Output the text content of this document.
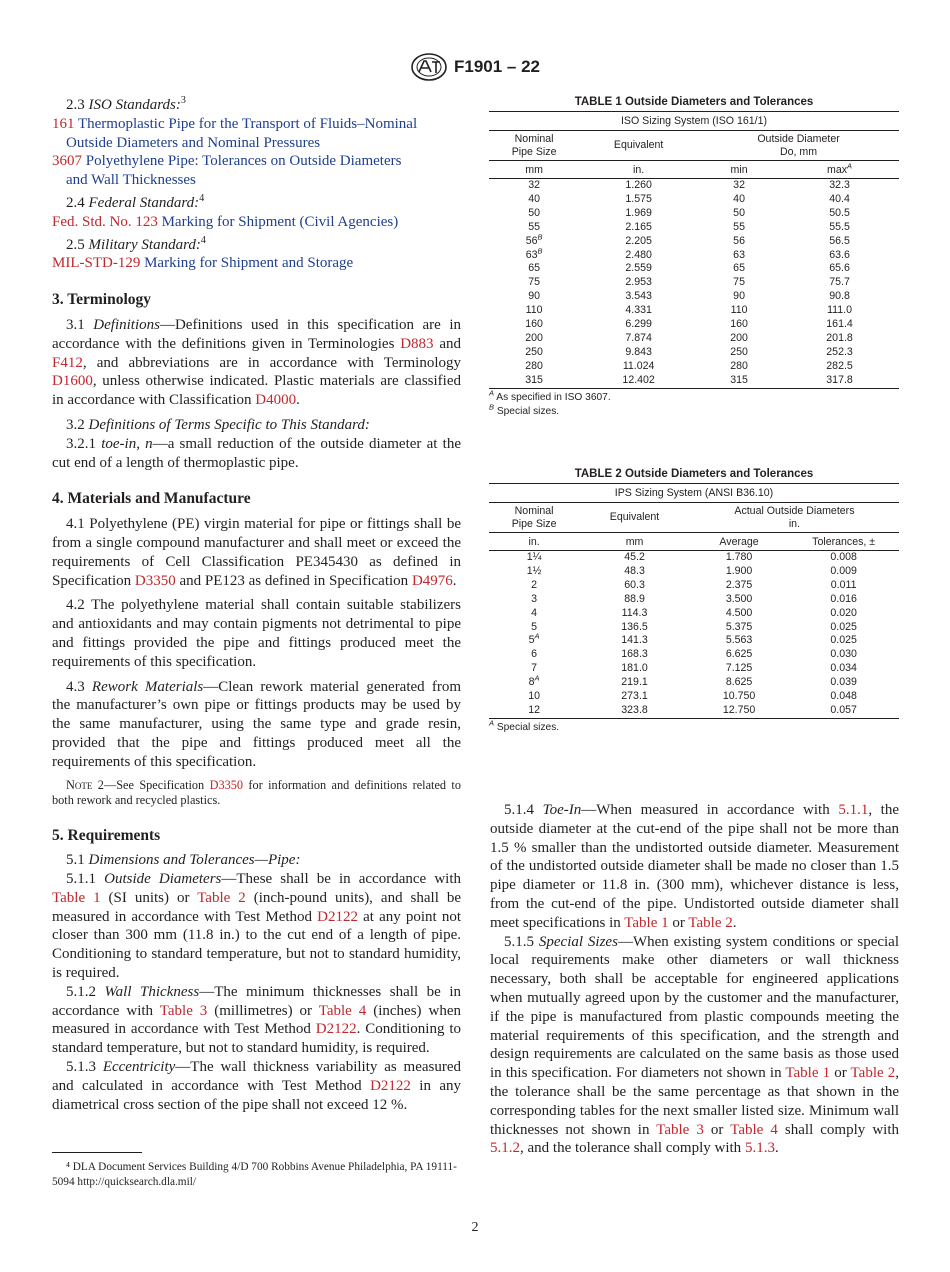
F1901 – 22
2.3 ISO Standards:$^3$
161 Thermoplastic Pipe for the Transport of Fluids–Nominal
Outside Diameters and Nominal Pressures
3607 Polyethylene Pipe: Tolerances on Outside Diameters
and Wall Thicknesses
2.4 Federal Standard:$^4$
Fed. Std. No. 123 Marking for Shipment (Civil Agencies)
2.5 Military Standard:$^4$
MIL-STD-129 Marking for Shipment and Storage
3. Terminology

3.1 Definitions—Definitions used in this specification are in accordance with the definitions given in Terminologies D883 and F412, and abbreviations are in accordance with Terminology D1600, unless otherwise indicated. Plastic materials are classified in accordance with Classification D4000.

3.2 Definitions of Terms Specific to This Standard:

3.2.1 toe-in, n—a small reduction of the outside diameter at the cut end of a length of thermoplastic pipe.

4. Materials and Manufacture

4.1 Polyethylene (PE) virgin material for pipe or fittings shall be from a single compound manufacturer and shall meet or exceed the requirements of Cell Classification PE345430 as defined in Specification D3350 and PE123 as defined in Specification D4976.

4.2 The polyethylene material shall contain suitable stabilizers and antioxidants and may contain pigments not detrimental to pipe and fittings provided the pipe and fittings produced meet the requirements of this specification.

4.3 Rework Materials—Clean rework material generated from the manufacturer’s own pipe or fittings products may be used by the same manufacturer, using the same type and grade resin, provided that the pipe and fittings produced meet all the requirements of this specification.

Note 2—See Specification D3350 for information and definitions related to both rework and recycled plastics.

5. Requirements

5.1 Dimensions and Tolerances—Pipe:

5.1.1 Outside Diameters—These shall be in accordance with Table 1 (SI units) or Table 2 (inch-pound units), and shall be measured in accordance with Test Method D2122 at any point not closer than 300 mm (11.8 in.) to the cut end of a length of pipe. Conditioning to standard temperature, but not to standard humidity, is required.

5.1.2 Wall Thickness—The minimum thicknesses shall be in accordance with Table 3 (millimetres) or Table 4 (inches) when measured in accordance with Test Method D2122. Conditioning to standard temperature, but not to standard humidity, is required.

5.1.3 Eccentricity—The wall thickness variability as measured and calculated in accordance with Test Method D2122 in any diametrical cross section of the pipe shall not exceed 12 %.

⁴ DLA Document Services Building 4/D 700 Robbins Avenue Philadelphia, PA 19111-5094 http://quicksearch.dla.mil/

TABLE 1 Outside Diameters and Tolerances
ISO Sizing System (ISO 161/1)			
Nominal
Pipe Size	Equivalent	Outside Diameter
Do, mm	
mm	in.	min	$\max^A$
32	1.260	32	32.3
40	1.575	40	40.4
50	1.969	50	50.5
55	2.165	55	55.5
$56^B$	2.205	56	56.5
$63^B$	2.480	63	63.6
65	2.559	65	65.6
75	2.953	75	75.7
90	3.543	90	90.8
110	4.331	110	111.0
160	6.299	160	161.4
200	7.874	200	201.8
250	9.843	250	252.3
280	11.024	280	282.5
315	12.402	315	317.8
$^A$ As specified in ISO 3607.
$^B$ Special sizes.
TABLE 2 Outside Diameters and Tolerances
IPS Sizing System (ANSI B36.10)			
Nominal
Pipe Size	Equivalent	Actual Outside Diameters
in.	
in.	mm	Average	Tolerances, ±
1¼	45.2	1.780	0.008
1½	48.3	1.900	0.009
2	60.3	2.375	0.011
3	88.9	3.500	0.016
4	114.3	4.500	0.020
5	136.5	5.375	0.025
$5^A$	141.3	5.563	0.025
6	168.3	6.625	0.030
7	181.0	7.125	0.034
$8^A$	219.1	8.625	0.039
10	273.1	10.750	0.048
12	323.8	12.750	0.057
$^A$ Special sizes.

5.1.4 Toe-In—When measured in accordance with 5.1.1, the outside diameter at the cut-end of the pipe shall not be more than 1.5 % smaller than the undistorted outside diameter. Measurement of the undistorted outside diameter shall be made no closer than 1.5 pipe diameter or 11.8 in. (300 mm), whichever distance is less, from the cut-end of the pipe. Undistorted outside diameter shall meet specifications in Table 1 or Table 2.

5.1.5 Special Sizes—When existing system conditions or special local requirements make other diameters or wall thickness necessary, both shall be acceptable for engineered applications when mutually agreed upon by the customer and the manufacturer, if the pipe is manufactured from plastic compounds meeting the material requirements of this specification, and the strength and design requirements are calculated on the same basis as those used in this specification. For diameters not shown in Table 1 or Table 2, the tolerance shall be the same percentage as that shown in the corresponding tables for the next smaller listed size. Minimum wall thicknesses not shown in Table 3 or Table 4 shall comply with 5.1.2, and the tolerance shall comply with 5.1.3.

2
